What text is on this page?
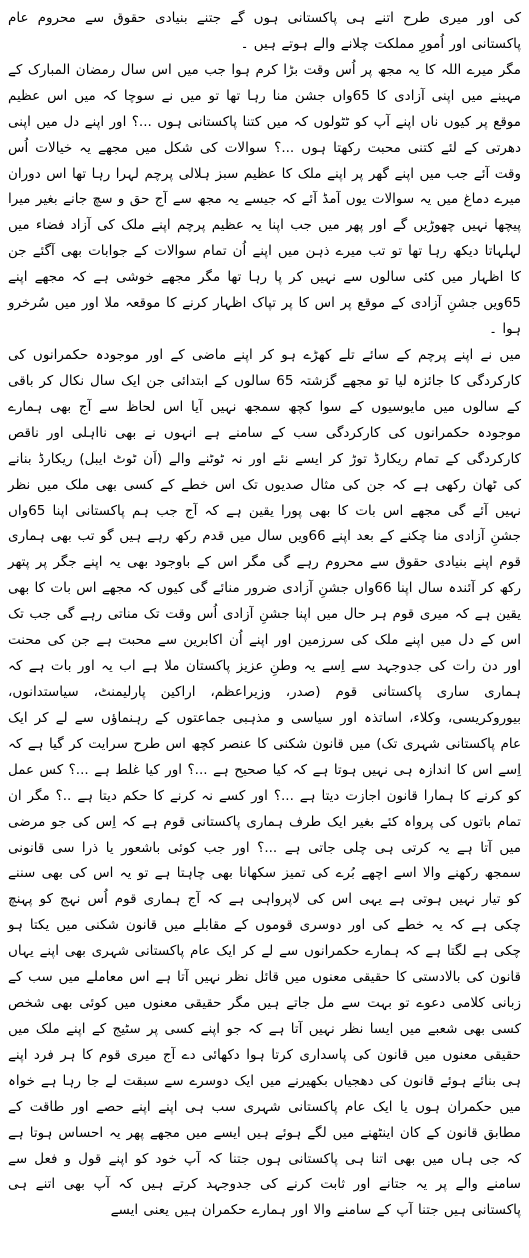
کی اور میری طرح اتنے ہی پاکستانی ہوں گے جتنے بنیادی حقوق سے محروم عام پاکستانی اور اُمورِ مملکت چلانے والے ہوتے ہیں ۔

مگر میرے اللہ کا یہ مجھ پر اُس وقت بڑا کرم ہوا جب میں اس سال رمضان المبارک کے مہینے میں اپنی آزادی کا 65واں جشن منا رہا تھا تو میں نے سوچا کہ میں اس عظیم موقع پر کیوں ناں اپنے آپ کو ٹٹولوں کہ میں کتنا پاکستانی ہوں ...؟ اور اپنے دل میں اپنی دھرتی کے لئے کتنی محبت رکھتا ہوں ...؟ سوالات کی شکل میں مجھے یہ خیالات اُس وقت آئے جب میں اپنے گھر پر اپنے ملک کا عظیم سبز ہلالی پرچم لہرا رہا تھا اس دوران میرے دماغ میں یہ سوالات یوں آمڈ آئے کہ جیسے یہ مجھ سے آج حق و سچ جانے بغیر میرا پیچھا نہیں چھوڑیں گے اور پھر میں جب اپنا یہ عظیم پرچم اپنے ملک کی آزاد فضاء میں لہلہاتا دیکھ رہا تھا تو تب میرے ذہن میں اپنے اُن تمام سوالات کے جوابات بھی آگئے جن کا اظہار میں کئی سالوں سے نہیں کر پا رہا تھا مگر مجھے خوشی ہے کہ مجھے اپنے 65ویں جشنِ آزادی کے موقع پر اس کا پر تپاک اظہار کرنے کا موقعہ ملا اور میں سُرخرو ہوا ۔

میں نے اپنے پرچم کے سائے تلے کھڑے ہو کر اپنے ماضی کے اور موجودہ حکمرانوں کی کارکردگی کا جائزہ لیا تو مجھے گزشتہ 65 سالوں کے ابتدائی جن ایک سال نکال کر باقی کے سالوں میں مایوسیوں کے سوا کچھ سمجھ نہیں آیا اس لحاظ سے آج بھی ہمارے موجودہ حکمرانوں کی کارکردگی سب کے سامنے ہے انہوں نے بھی نااہلی اور ناقص کارکردگی کے تمام ریکارڈ توڑ کر ایسے نئے اور نہ ٹوٹنے والے (اَن ٹوٹ ایبل) ریکارڈ بنانے کی ٹھان رکھی ہے کہ جن کی مثال صدیوں تک اس خطے کے کسی بھی ملک میں نظر نہیں آئے گی مجھے اس بات کا بھی پورا یقین ہے کہ آج جب ہم پاکستانی اپنا 65واں جشنِ آزادی منا چکنے کے بعد اپنے 66ویں سال میں قدم رکھ رہے ہیں گو تب بھی ہماری قوم اپنے بنیادی حقوق سے محروم رہے گی مگر اس کے باوجود بھی یہ اپنے جگر پر پتھر رکھ کر آئندہ سال اپنا 66واں جشنِ آزادی ضرور منائے گی کیوں کہ مجھے اس بات کا بھی یقین ہے کہ میری قوم ہر حال میں اپنا جشنِ آزادی اُس وقت تک مناتی رہے گی جب تک اس کے دل میں اپنے ملک کی سرزمین اور اپنے اُن اکابرین سے محبت ہے جن کی محنت اور دن رات کی جدوجہد سے اِسے یہ وطنِ عزیز پاکستان ملا ہے اب یہ اور بات ہے کہ ہماری ساری پاکستانی قوم (صدر، وزیراعظم، اراکین پارلیمنٹ، سیاستدانوں، بیوروکریسی، وکلاء، اساتذہ اور سیاسی و مذہبی جماعتوں کے رہنماؤں سے لے کر ایک عام پاکستانی شہری تک) میں قانون شکنی کا عنصر کچھ اس طرح سرایت کر گیا ہے کہ اِسے اس کا اندازہ ہی نہیں ہوتا ہے کہ کیا صحیح ہے ...؟ اور کیا غلط ہے ...؟ کس عمل کو کرنے کا ہمارا قانون اجازت دیتا ہے ...؟ اور کسے نہ کرنے کا حکم دیتا ہے ..؟ مگر ان تمام باتوں کی پرواہ کئے بغیر ایک طرف ہماری پاکستانی قوم ہے کہ اِس کی جو مرضی میں آتا ہے یہ کرتی ہی چلی جاتی ہے ...؟ اور جب کوئی باشعور یا ذرا سی قانونی سمجھ رکھنے والا اسے اچھے بُرے کی تمیز سکھانا بھی چاہتا ہے تو یہ اس کی بھی سننے کو تیار نہیں ہوتی ہے یہی اس کی لاپرواہی ہے کہ آج ہماری قوم اُس نہج کو پہنچ چکی ہے کہ یہ خطے کی اور دوسری قوموں کے مقابلے میں قانون شکنی میں یکتا ہو چکی ہے لگتا ہے کہ ہمارے حکمرانوں سے لے کر ایک عام پاکستانی شہری بھی اپنے یہاں قانون کی بالادستی کا حقیقی معنوں میں قائل نظر نہیں آتا ہے اس معاملے میں سب کے زبانی کلامی دعوے تو بہت سے مل جاتے ہیں مگر حقیقی معنوں میں کوئی بھی شخص کسی بھی شعبے میں ایسا نظر نہیں آتا ہے کہ جو اپنے کسی پر سٹیج کے اپنے ملک میں حقیقی معنوں میں قانون کی پاسداری کرتا ہوا دکھائی دے آج میری قوم کا ہر فرد اپنے ہی بنائے ہوئے قانون کی دھجیاں بکھیرنے میں ایک دوسرے سے سبقت لے جا رہا ہے خواہ میں حکمران ہوں یا ایک عام پاکستانی شہری سب ہی اپنے اپنے حصے اور طاقت کے مطابق قانون کے کان اینٹھنے میں لگے ہوئے ہیں ایسے میں مجھے پھر یہ احساس ہوتا ہے کہ جی ہاں میں بھی اتنا ہی پاکستانی ہوں جتنا کہ آپ خود کو اپنے قول و فعل سے سامنے والے پر یہ جتانے اور ثابت کرنے کی جدوجہد کرتے ہیں کہ آپ بھی اتنے ہی پاکستانی ہیں جتنا آپ کے سامنے والا اور ہمارے حکمران ہیں یعنی ایسے
